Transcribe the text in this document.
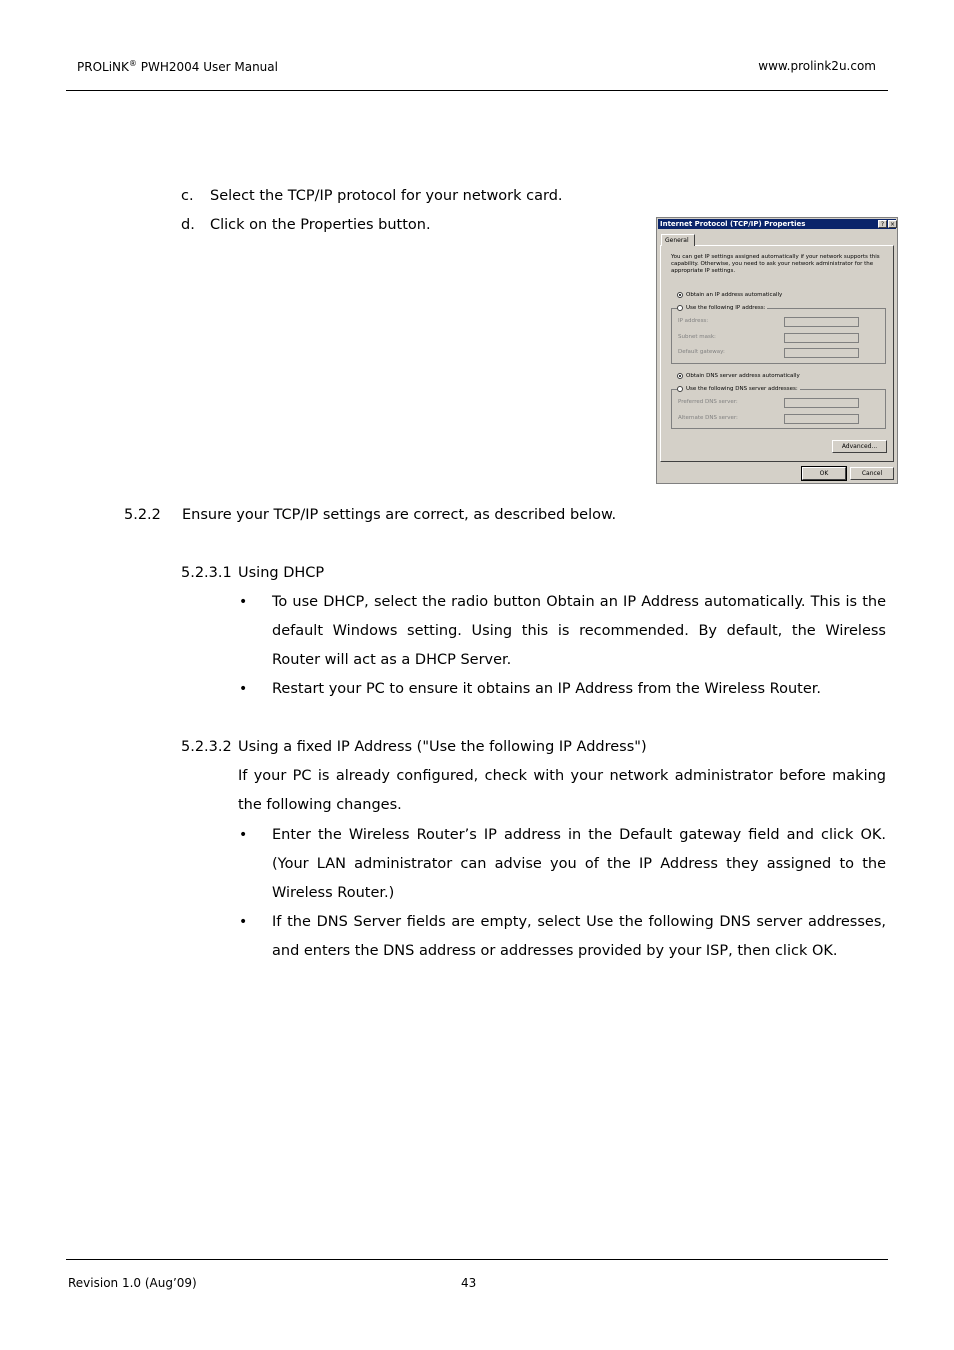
PROLiNK® PWH2004 User Manual	www.prolink2u.com
c. Select the TCP/IP protocol for your network card.
d. Click on the Properties button.	Internet Protocol (TCP/IP) Properties	? ×
General
You can get IP settings assigned automatically if your network supports this capability. Otherwise, you need to ask your network administrator for the appropriate IP settings.
Obtain an IP address automatically
Use the following IP address:
IP address:
Subnet mask:
Default gateway:
Obtain DNS server address automatically
Use the following DNS server addresses:
Preferred DNS server:
Alternate DNS server:
Advanced...
OK	Cancel
5.2.2 Ensure your TCP/IP settings are correct, as described below.
5.2.3.1 Using DHCP
• To use DHCP, select the radio button Obtain an IP Address automatically. This is the default Windows setting. Using this is recommended. By default, the Wireless Router will act as a DHCP Server.
• Restart your PC to ensure it obtains an IP Address from the Wireless Router.
5.2.3.2 Using a fixed IP Address ("Use the following IP Address")
If your PC is already configured, check with your network administrator before making the following changes.
• Enter the Wireless Router’s IP address in the Default gateway field and click OK. (Your LAN administrator can advise you of the IP Address they assigned to the Wireless Router.)
• If the DNS Server fields are empty, select Use the following DNS server addresses, and enters the DNS address or addresses provided by your ISP, then click OK.
Revision 1.0 (Aug’09)	43
